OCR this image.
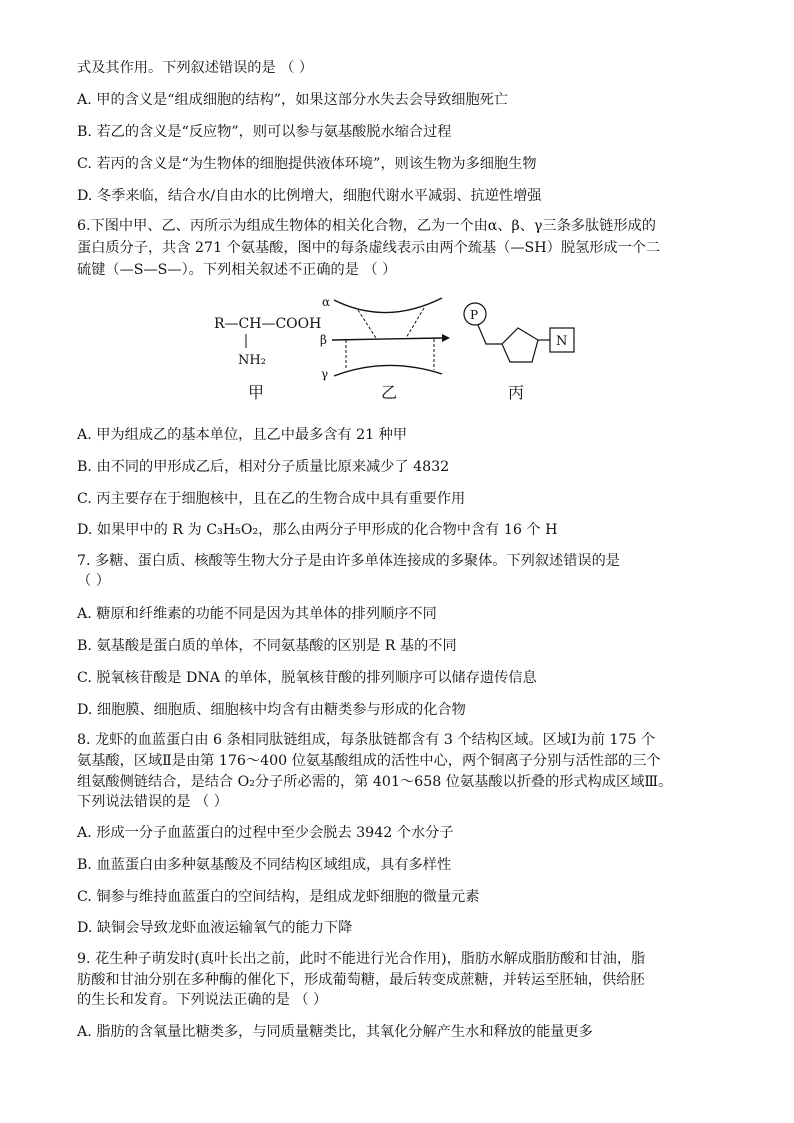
式及其作用。下列叙述错误的是 （ ）
A. 甲的含义是“组成细胞的结构”，如果这部分水失去会导致细胞死亡
B. 若乙的含义是“反应物”，则可以参与氨基酸脱水缩合过程
C. 若丙的含义是“为生物体的细胞提供液体环境”，则该生物为多细胞生物
D. 冬季来临，结合水/自由水的比例增大，细胞代谢水平减弱、抗逆性增强
6.下图中甲、乙、丙所示为组成生物体的相关化合物，乙为一个由α、β、γ三条多肽链形成的
蛋白质分子，共含 271 个氨基酸，图中的每条虚线表示由两个巯基（—SH）脱氢形成一个二
硫键（—S—S—）。下列相关叙述不正确的是 （ ）
R—CH—COOH
NH₂
甲
α
β
γ
乙
P
N
丙
A. 甲为组成乙的基本单位，且乙中最多含有 21 种甲
B. 由不同的甲形成乙后，相对分子质量比原来减少了 4832
C. 丙主要存在于细胞核中，且在乙的生物合成中具有重要作用
D. 如果甲中的 R 为 C₃H₅O₂，那么由两分子甲形成的化合物中含有 16 个 H
7. 多糖、蛋白质、核酸等生物大分子是由许多单体连接成的多聚体。下列叙述错误的是
（ ）
A. 糖原和纤维素的功能不同是因为其单体的排列顺序不同
B. 氨基酸是蛋白质的单体，不同氨基酸的区别是 R 基的不同
C. 脱氧核苷酸是 DNA 的单体，脱氧核苷酸的排列顺序可以储存遗传信息
D. 细胞膜、细胞质、细胞核中均含有由糖类参与形成的化合物
8. 龙虾的血蓝蛋白由 6 条相同肽链组成，每条肽链都含有 3 个结构区域。区域Ⅰ为前 175 个
氨基酸，区域Ⅱ是由第 176～400 位氨基酸组成的活性中心，两个铜离子分别与活性部的三个
组氨酸侧链结合，是结合 O₂分子所必需的，第 401～658 位氨基酸以折叠的形式构成区域Ⅲ。
下列说法错误的是 （ ）
A. 形成一分子血蓝蛋白的过程中至少会脱去 3942 个水分子
B. 血蓝蛋白由多种氨基酸及不同结构区域组成，具有多样性
C. 铜参与维持血蓝蛋白的空间结构，是组成龙虾细胞的微量元素
D. 缺铜会导致龙虾血液运输氧气的能力下降
9. 花生种子萌发时(真叶长出之前，此时不能进行光合作用)，脂肪水解成脂肪酸和甘油，脂
肪酸和甘油分别在多种酶的催化下，形成葡萄糖，最后转变成蔗糖，并转运至胚轴，供给胚
的生长和发育。下列说法正确的是 （ ）
A. 脂肪的含氧量比糖类多，与同质量糖类比，其氧化分解产生水和释放的能量更多
